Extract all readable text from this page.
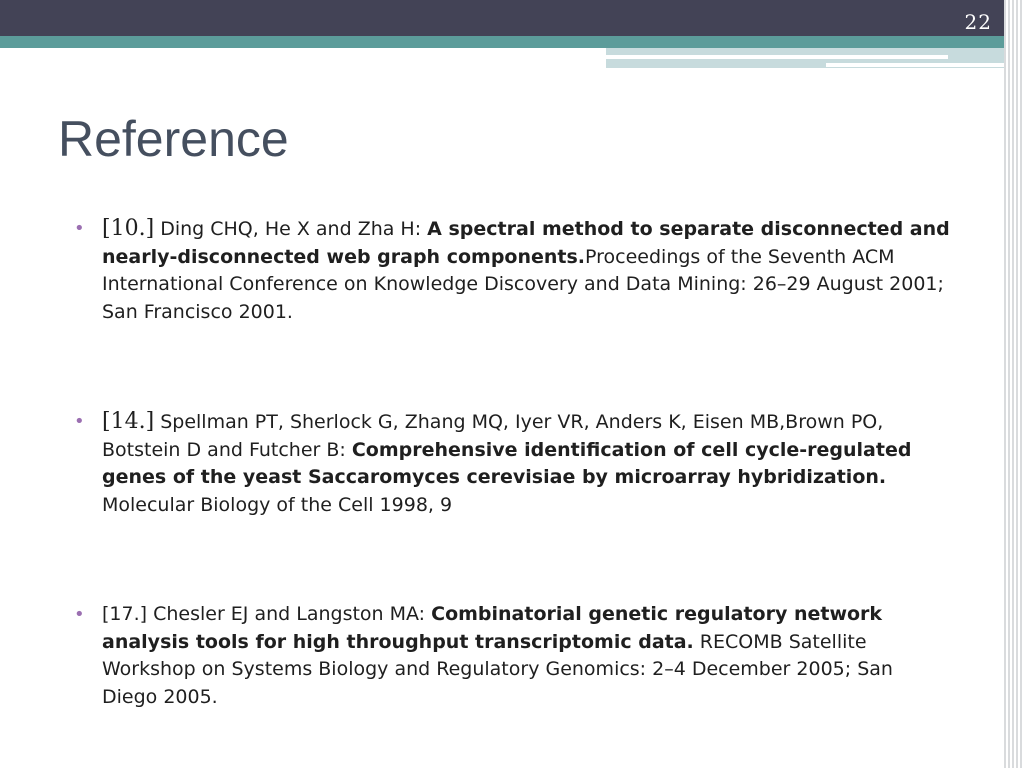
22
Reference
• [10.] Ding CHQ, He X and Zha H: A spectral method to separate disconnected and nearly-disconnected web graph components.Proceedings of the Seventh ACM International Conference on Knowledge Discovery and Data Mining: 26–29 August 2001; San Francisco 2001.
• [14.] Spellman PT, Sherlock G, Zhang MQ, Iyer VR, Anders K, Eisen MB,Brown PO, Botstein D and Futcher B: Comprehensive identification of cell cycle-regulated genes of the yeast Saccaromyces cerevisiae by microarray hybridization. Molecular Biology of the Cell 1998, 9
• [17.] Chesler EJ and Langston MA: Combinatorial genetic regulatory network analysis tools for high throughput transcriptomic data. RECOMB Satellite Workshop on Systems Biology and Regulatory Genomics: 2–4 December 2005; San Diego 2005.
